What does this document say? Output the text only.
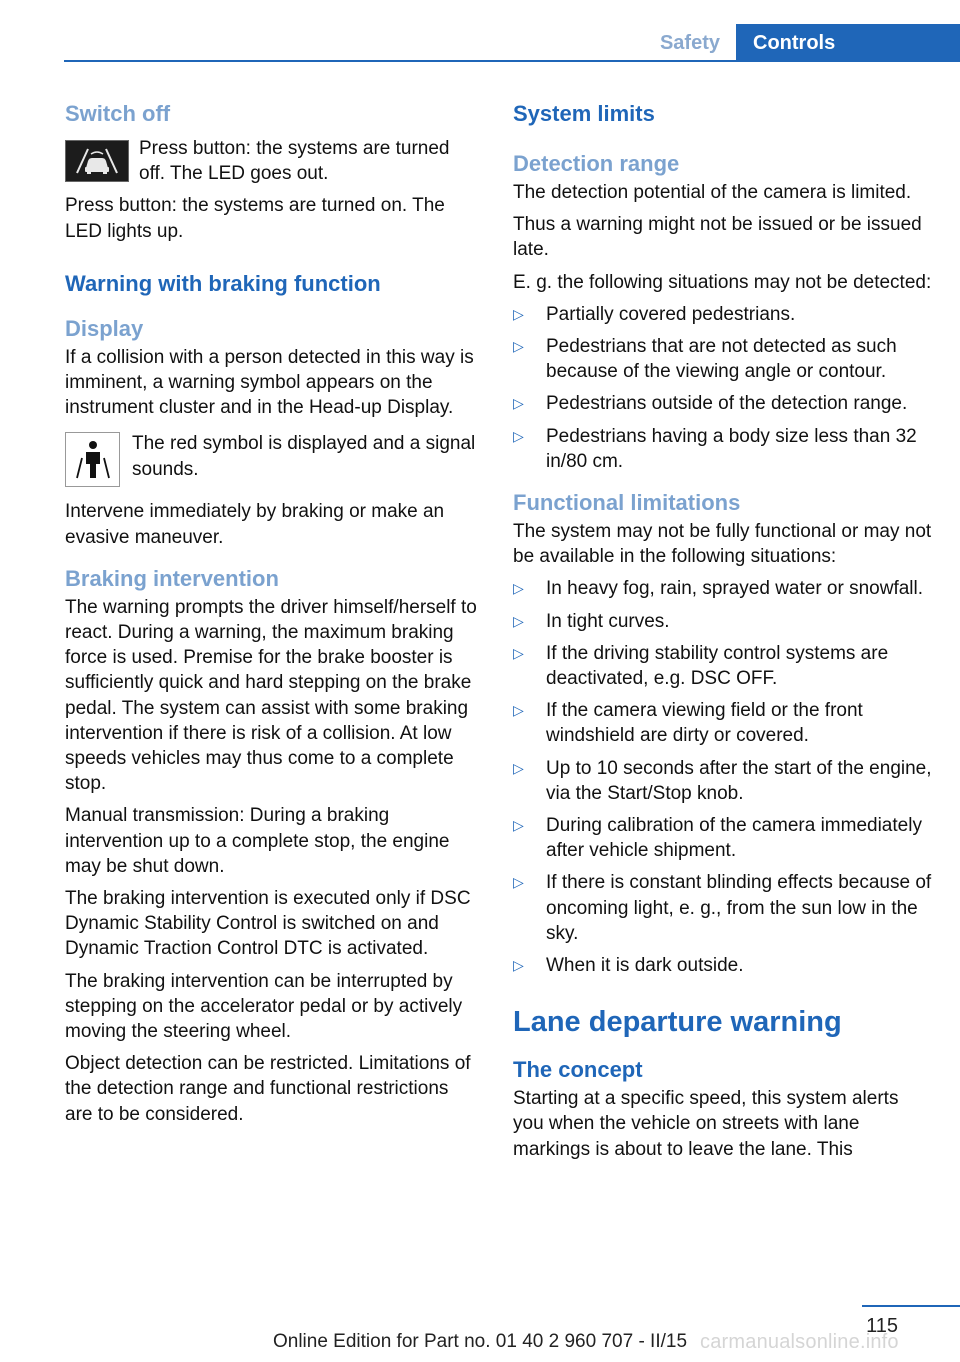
Safety	Controls
Switch off

Press button: the systems are turned off. The LED goes out.

Press button: the systems are turned on. The LED lights up.

Warning with braking function
Display

If a collision with a person detected in this way is imminent, a warning symbol appears on the instrument cluster and in the Head-up Display.

The red symbol is displayed and a signal sounds.

Intervene immediately by braking or make an evasive maneuver.

Braking intervention

The warning prompts the driver himself/herself to react. During a warning, the maximum braking force is used. Premise for the brake booster is sufficiently quick and hard stepping on the brake pedal. The system can assist with some braking intervention if there is risk of a collision. At low speeds vehicles may thus come to a complete stop.

Manual transmission: During a braking intervention up to a complete stop, the engine may be shut down.

The braking intervention is executed only if DSC Dynamic Stability Control is switched on and Dynamic Traction Control DTC is activated.

The braking intervention can be interrupted by stepping on the accelerator pedal or by actively moving the steering wheel.

Object detection can be restricted. Limitations of the detection range and functional restrictions are to be considered.

System limits
Detection range

The detection potential of the camera is limited.

Thus a warning might not be issued or be issued late.

E. g. the following situations may not be detected:

▷ Partially covered pedestrians.
▷ Pedestrians that are not detected as such because of the viewing angle or contour.
▷ Pedestrians outside of the detection range.
▷ Pedestrians having a body size less than 32 in/80 cm.
Functional limitations

The system may not be fully functional or may not be available in the following situations:

▷ In heavy fog, rain, sprayed water or snowfall.
▷ In tight curves.
▷ If the driving stability control systems are deactivated, e.g. DSC OFF.
▷ If the camera viewing field or the front windshield are dirty or covered.
▷ Up to 10 seconds after the start of the engine, via the Start/Stop knob.
▷ During calibration of the camera immediately after vehicle shipment.
▷ If there is constant blinding effects because of oncoming light, e. g., from the sun low in the sky.
▷ When it is dark outside.
Lane departure warning
The concept

Starting at a specific speed, this system alerts you when the vehicle on streets with lane markings is about to leave the lane. This

115
Online Edition for Part no. 01 40 2 960 707 - II/15 carmanualsonline.info
